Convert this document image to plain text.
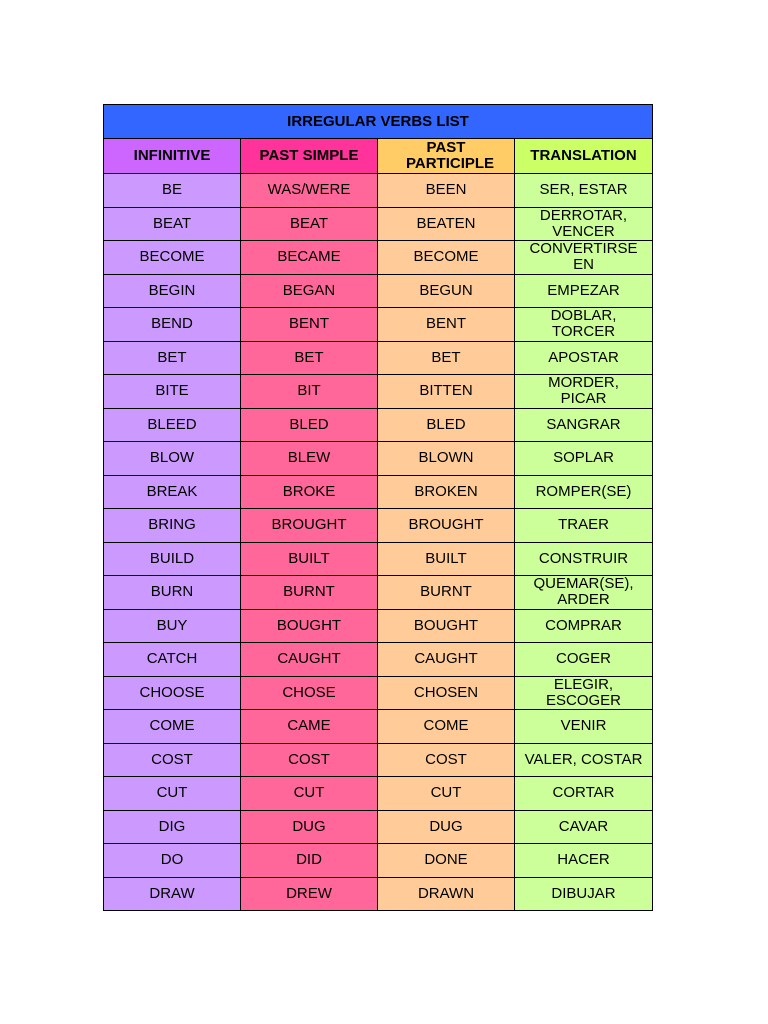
IRREGULAR VERBS LIST			
INFINITIVE	PAST SIMPLE	PAST PARTICIPLE	TRANSLATION
BE	WAS/WERE	BEEN	SER, ESTAR
BEAT	BEAT	BEATEN	DERROTAR, VENCER
BECOME	BECAME	BECOME	CONVERTIRSE EN
BEGIN	BEGAN	BEGUN	EMPEZAR
BEND	BENT	BENT	DOBLAR, TORCER
BET	BET	BET	APOSTAR
BITE	BIT	BITTEN	MORDER, PICAR
BLEED	BLED	BLED	SANGRAR
BLOW	BLEW	BLOWN	SOPLAR
BREAK	BROKE	BROKEN	ROMPER(SE)
BRING	BROUGHT	BROUGHT	TRAER
BUILD	BUILT	BUILT	CONSTRUIR
BURN	BURNT	BURNT	QUEMAR(SE), ARDER
BUY	BOUGHT	BOUGHT	COMPRAR
CATCH	CAUGHT	CAUGHT	COGER
CHOOSE	CHOSE	CHOSEN	ELEGIR, ESCOGER
COME	CAME	COME	VENIR
COST	COST	COST	VALER, COSTAR
CUT	CUT	CUT	CORTAR
DIG	DUG	DUG	CAVAR
DO	DID	DONE	HACER
DRAW	DREW	DRAWN	DIBUJAR
